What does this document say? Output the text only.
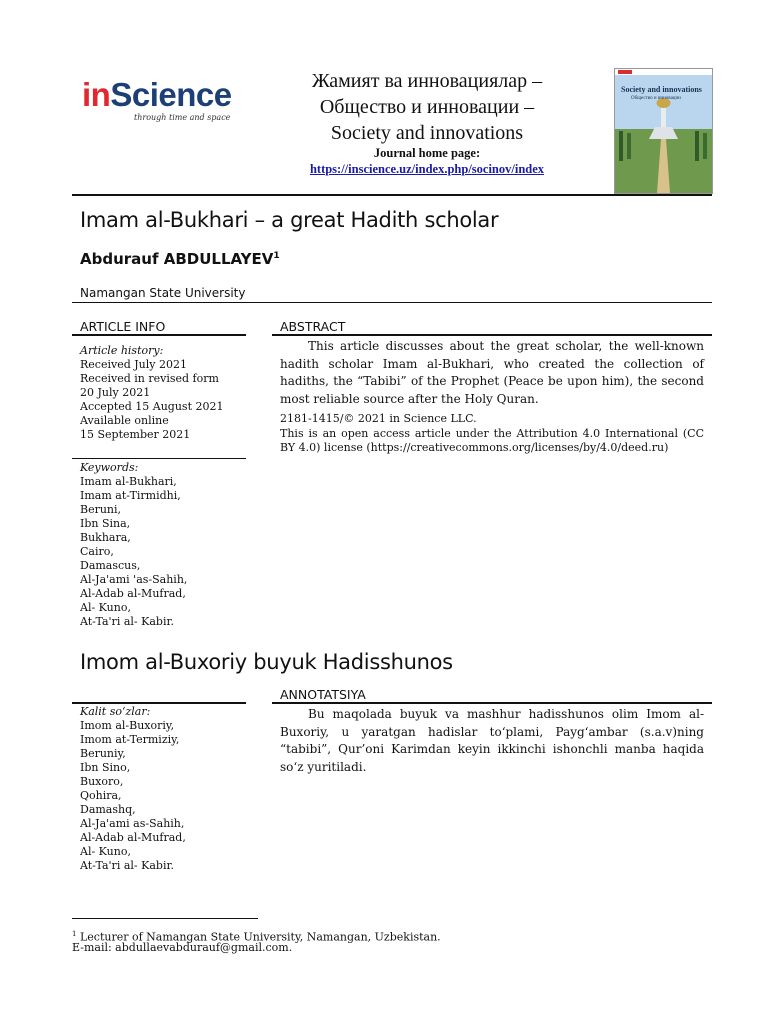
inScience
through time and space
Жамият ва инновациялар –
Общество и инновации –
Society and innovations
Journal home page:
https://inscience.uz/index.php/socinov/index
Society and innovations
Общество и инновации
Imam al-Bukhari – a great Hadith scholar
Abdurauf ABDULLAYEV$^1$
Namangan State University
ARTICLE INFO
Article history:
Received July 2021
Received in revised form
20 July 2021
Accepted 15 August 2021
Available online
15 September 2021
Keywords:
Imam al-Bukhari,
Imam at-Tirmidhi,
Beruni,
Ibn Sina,
Bukhara,
Cairo,
Damascus,
Al-Ja'ami 'as-Sahih,
Al-Adab al-Mufrad,
Al- Kuno,
At-Ta'ri al- Kabir.
ABSTRACT
This article discusses about the great scholar, the well-known hadith scholar Imam al-Bukhari, who created the collection of hadiths, the “Tabibi” of the Prophet (Peace be upon him), the second most reliable source after the Holy Quran.
2181-1415/© 2021 in Science LLC.
This is an open access article under the Attribution 4.0 International (CC BY 4.0) license (https://creativecommons.org/licenses/by/4.0/deed.ru)
Imom al-Buxoriy buyuk Hadisshunos
ANNOTATSIYA
Kalit so‘zlar:
Imom al-Buxoriy,
Imom at-Termiziy,
Beruniy,
Ibn Sino,
Buxoro,
Qohira,
Damashq,
Al-Ja'ami as-Sahih,
Al-Adab al-Mufrad,
Al- Kuno,
At-Ta'ri al- Kabir.
Bu maqolada buyuk va mashhur hadisshunos olim Imom al-Buxoriy, u yaratgan hadislar to‘plami, Payg‘ambar (s.a.v)ning “tabibi”, Qur’oni Karimdan keyin ikkinchi ishonchli manba haqida so‘z yuritiladi.
$^1$ Lecturer of Namangan State University, Namangan, Uzbekistan.
E-mail: abdullaevabdurauf@gmail.com.
